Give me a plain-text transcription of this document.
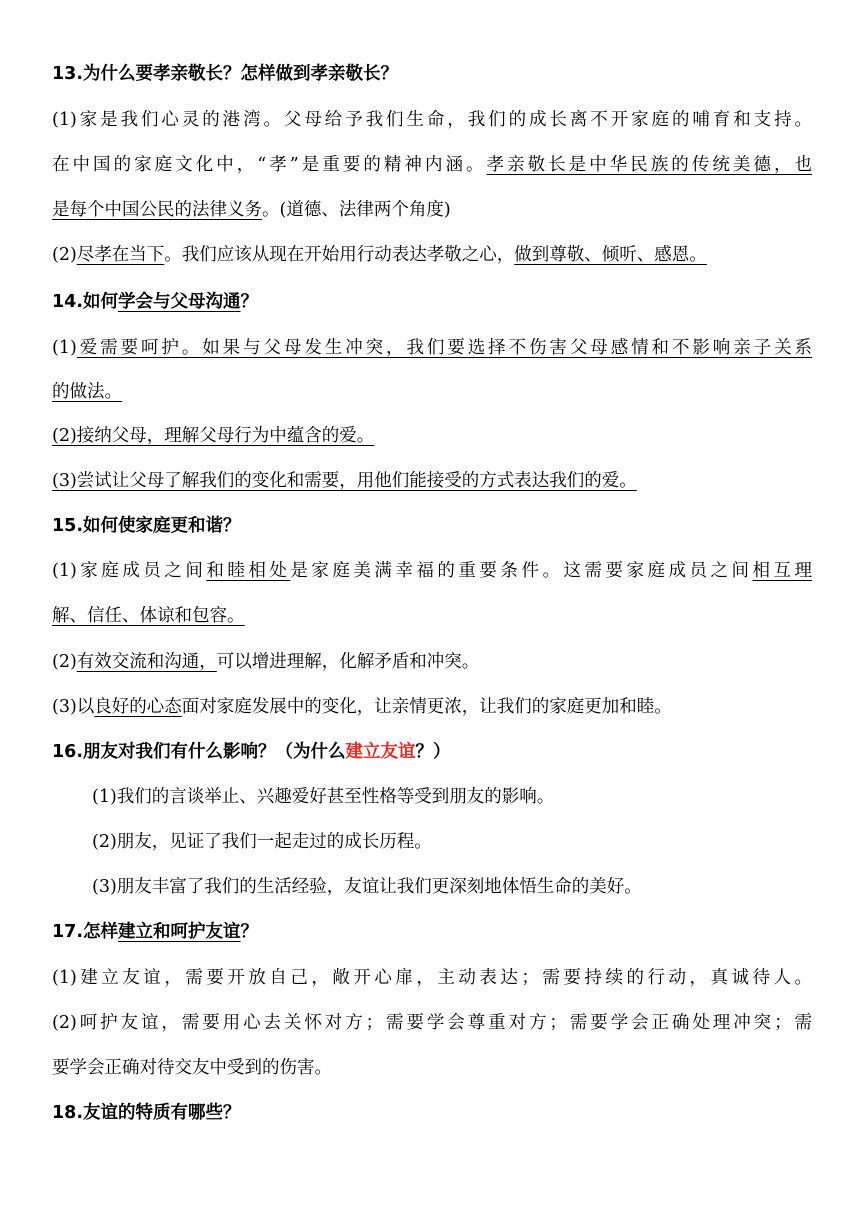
13.为什么要孝亲敬长？怎样做到孝亲敬长？
(1)家是我们心灵的港湾。父母给予我们生命，我们的成长离不开家庭的哺育和支持。
在中国的家庭文化中，“孝”是重要的精神内涵。孝亲敬长是中华民族的传统美德，也
是每个中国公民的法律义务。(道德、法律两个角度)
(2)尽孝在当下。我们应该从现在开始用行动表达孝敬之心，做到尊敬、倾听、感恩。
14.如何学会与父母沟通？
(1)爱需要呵护。如果与父母发生冲突，我们要选择不伤害父母感情和不影响亲子关系
的做法。
(2)接纳父母，理解父母行为中蕴含的爱。
(3)尝试让父母了解我们的变化和需要，用他们能接受的方式表达我们的爱。
15.如何使家庭更和谐？
(1)家庭成员之间和睦相处是家庭美满幸福的重要条件。这需要家庭成员之间相互理
解、信任、体谅和包容。
(2)有效交流和沟通，可以增进理解，化解矛盾和冲突。
(3)以良好的心态面对家庭发展中的变化，让亲情更浓，让我们的家庭更加和睦。
16.朋友对我们有什么影响？（为什么建立友谊？）
(1)我们的言谈举止、兴趣爱好甚至性格等受到朋友的影响。
(2)朋友，见证了我们一起走过的成长历程。
(3)朋友丰富了我们的生活经验，友谊让我们更深刻地体悟生命的美好。
17.怎样建立和呵护友谊？
(1)建立友谊，需要开放自己，敞开心扉，主动表达；需要持续的行动，真诚待人。
(2)呵护友谊，需要用心去关怀对方；需要学会尊重对方；需要学会正确处理冲突；需
要学会正确对待交友中受到的伤害。
18.友谊的特质有哪些？
